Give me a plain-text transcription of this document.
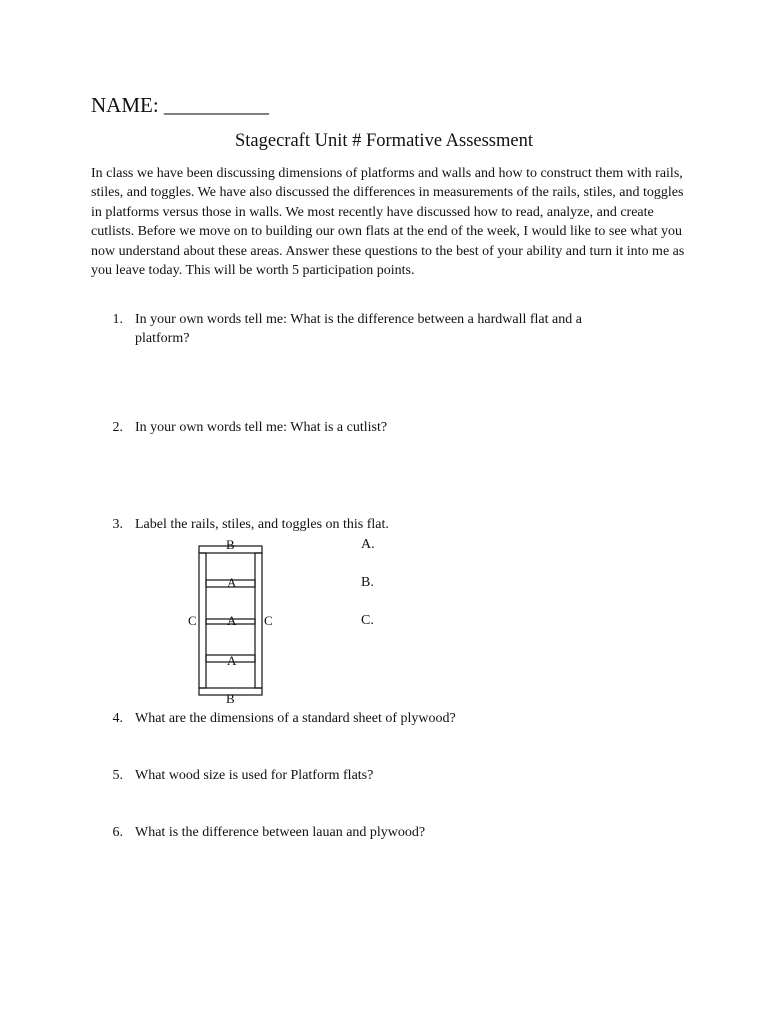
NAME: __________
Stagecraft Unit # Formative Assessment
In class we have been discussing dimensions of platforms and walls and how to construct them with rails, stiles, and toggles. We have also discussed the differences in measurements of the rails, stiles, and toggles in platforms versus those in walls. We most recently have discussed how to read, analyze, and create cutlists. Before we move on to building our own flats at the end of the week, I would like to see what you now understand about these areas. Answer these questions to the best of your ability and turn it into me as you leave today. This will be worth 5 participation points.
1. In your own words tell me: What is the difference between a hardwall flat and a platform?
2. In your own words tell me: What is a cutlist?
3. Label the rails, stiles, and toggles on this flat.
B
A
A
A
B
C	C
A.
B.
C.
4. What are the dimensions of a standard sheet of plywood?
5. What wood size is used for Platform flats?
6. What is the difference between lauan and plywood?
